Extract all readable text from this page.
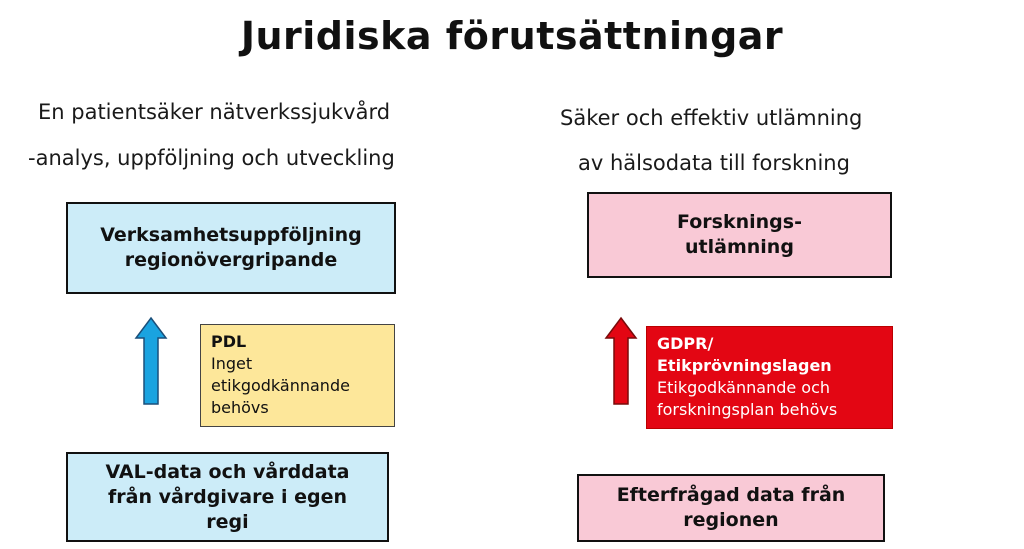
Juridiska förutsättningar
En patientsäker nätverkssjukvård
-analys, uppföljning och utveckling
Verksamhetsuppföljning
regionövergripande
PDL
Inget
etikgodkännande
behövs
VAL-data och vårddata
från vårdgivare i egen
regi
Säker och effektiv utlämning
av hälsodata till forskning
Forsknings-
utlämning
GDPR/
Etikprövningslagen
Etikgodkännande och
forskningsplan behövs
Efterfrågad data från
regionen
